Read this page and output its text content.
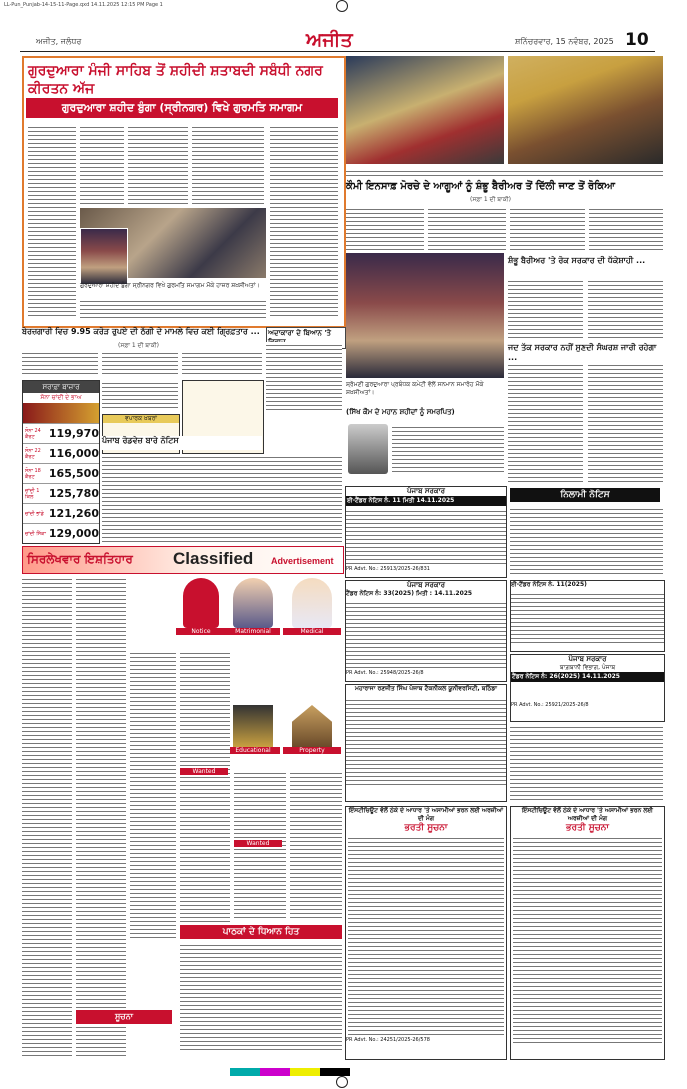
LL-Pun_Punjab-14-15-11-Page.qxd 14.11.2025 12:15 PM Page 1
ਅਜੀਤ, ਜਲੰਧਰ	ਅਜੀਤ	ਸ਼ਨਿੱਚਰਵਾਰ, 15 ਨਵੰਬਰ, 2025 10
ਗੁਰਦੁਆਰਾ ਮੰਜੀ ਸਾਹਿਬ ਤੋਂ ਸ਼ਹੀਦੀ ਸ਼ਤਾਬਦੀ ਸਬੰਧੀ ਨਗਰ ਕੀਰਤਨ ਅੱਜ
ਗੁਰਦੁਆਰਾ ਸ਼ਹੀਦ ਬੁੰਗਾ (ਸ੍ਰੀਨਗਰ) ਵਿਖੇ ਗੁਰਮਤਿ ਸਮਾਗਮ
ਗੁਰਦੁਆਰਾ ਸ਼ਹੀਦ ਬੁੰਗਾ ਸ੍ਰੀਨਗਰ ਵਿਖੇ ਗੁਰਮਤਿ ਸਮਾਗਮ ਮੌਕੇ ਹਾਜ਼ਰ ਸ਼ਖ਼ਸੀਅਤਾਂ।
ਕੌਮੀ ਇਨਸਾਫ਼ ਮੋਰਚੇ ਦੇ ਆਗੂਆਂ ਨੂੰ ਸ਼ੰਭੂ ਬੈਰੀਅਰ ਤੋਂ ਦਿੱਲੀ ਜਾਣ ਤੋਂ ਰੋਕਿਆ
(ਸਫ਼ਾ 1 ਦੀ ਬਾਕੀ)
ਸ਼੍ਰੋਮਣੀ ਗੁਰਦੁਆਰਾ ਪ੍ਰਬੰਧਕ ਕਮੇਟੀ ਵੱਲੋਂ ਸਨਮਾਨ ਸਮਾਰੋਹ ਮੌਕੇ ਸ਼ਖ਼ਸੀਅਤਾਂ।
ਸ਼ੰਭੂ ਬੈਰੀਅਰ 'ਤੇ ਰੋਕ ਸਰਕਾਰ ਦੀ ਧੱਕੇਸ਼ਾਹੀ ...
ਜਦ ਤੱਕ ਸਰਕਾਰ ਨਹੀਂ ਸੁਣਦੀ ਸੰਘਰਸ਼ ਜਾਰੀ ਰਹੇਗਾ ...
(ਸਿੱਖ ਕੌਮ ਦੇ ਮਹਾਨ ਸ਼ਹੀਦਾਂ ਨੂੰ ਸਮਰਪਿਤ)
ਬੇਰਜ਼ਗਾਰੀ ਵਿਚ 9.95 ਕਰੋੜ ਰੁਪਏ ਦੀ ਠੱਗੀ ਦੇ ਮਾਮਲੇ ਵਿਚ ਕਈ ਗ੍ਰਿਫ਼ਤਾਰ ...
(ਸਫ਼ਾ 1 ਦੀ ਬਾਕੀ)
ਅਦਾਕਾਰਾ ਦੇ ਬਿਆਨ 'ਤੇ
ਸਰਾਫ਼ਾ ਬਾਜ਼ਾਰ
ਸੋਨਾ ਚਾਂਦੀ ਦੇ ਭਾਅ
ਸੋਨਾ 24 ਕੈਰਟ	119,970
ਸੋਨਾ 22 ਕੈਰਟ	116,000
ਸੋਨਾ 18 ਕੈਰਟ	165,500
ਚਾਂਦੀ 1 ਕਿਲੋ	125,780
ਚਾਂਦੀ ਭਾਂਡੇ 121,260
ਚਾਂਦੀ ਸਿੱਕਾ 129,000
ਵਪਾਰਕ ਖ਼ਬਰਾਂ
ਪੰਜਾਬ ਰੋਡਵੇਜ਼ ਬਾਰੇ ਨੋਟਿਸ
ਸਿਰਲੇਖਵਾਰ ਇਸ਼ਤਿਹਾਰ Classified Advertisement
Notice	Matrimonial	Medical
Educational	Property
Wanted
Wanted
ਪਾਠਕਾਂ ਦੇ ਧਿਆਨ ਹਿਤ
ਸੂਚਨਾ
ਨਿਲਾਮੀ ਨੋਟਿਸ
ਪੰਜਾਬ ਸਰਕਾਰ
ਈ-ਟੈਂਡਰ ਨੋਟਿਸ ਨੰ. 11 ਮਿਤੀ 14.11.2025
PR Advt. No.: 25913/2025-26/831
ਪੰਜਾਬ ਸਰਕਾਰ
ਟੈਂਡਰ ਨੋਟਿਸ ਨੰ: 33(2025) ਮਿਤੀ : 14.11.2025
PR Advt. No.: 25948/2025-26/8
ਈ-ਟੈਂਡਰ ਨੋਟਿਸ ਨੰ. 11(2025)
ਪੰਜਾਬ ਸਰਕਾਰ
ਬਾਗ਼ਬਾਨੀ ਵਿਭਾਗ, ਪੰਜਾਬ
ਟੈਂਡਰ ਨੋਟਿਸ ਨੰ: 26(2025) 14.11.2025
PR Advt. No.: 25921/2025-26/8
ਮਹਾਰਾਜਾ ਰਣਜੀਤ ਸਿੰਘ ਪੰਜਾਬ ਟੈਕਨੀਕਲ ਯੂਨੀਵਰਸਿਟੀ, ਬਠਿੰਡਾ
ਇੰਸਟੀਚਿਊਟ ਵੱਲੋਂ ਠੇਕੇ ਦੇ ਆਧਾਰ 'ਤੇ ਅਸਾਮੀਆਂ ਭਰਨ ਲਈ ਅਰਜ਼ੀਆਂ ਦੀ ਮੰਗ
ਭਰਤੀ ਸੂਚਨਾ
PR Advt. No.: 24251/2025-26/578
ਇੰਸਟੀਚਿਊਟ ਵੱਲੋਂ ਠੇਕੇ ਦੇ ਆਧਾਰ 'ਤੇ ਅਸਾਮੀਆਂ ਭਰਨ ਲਈ ਅਰਜ਼ੀਆਂ ਦੀ ਮੰਗ
ਭਰਤੀ ਸੂਚਨਾ
